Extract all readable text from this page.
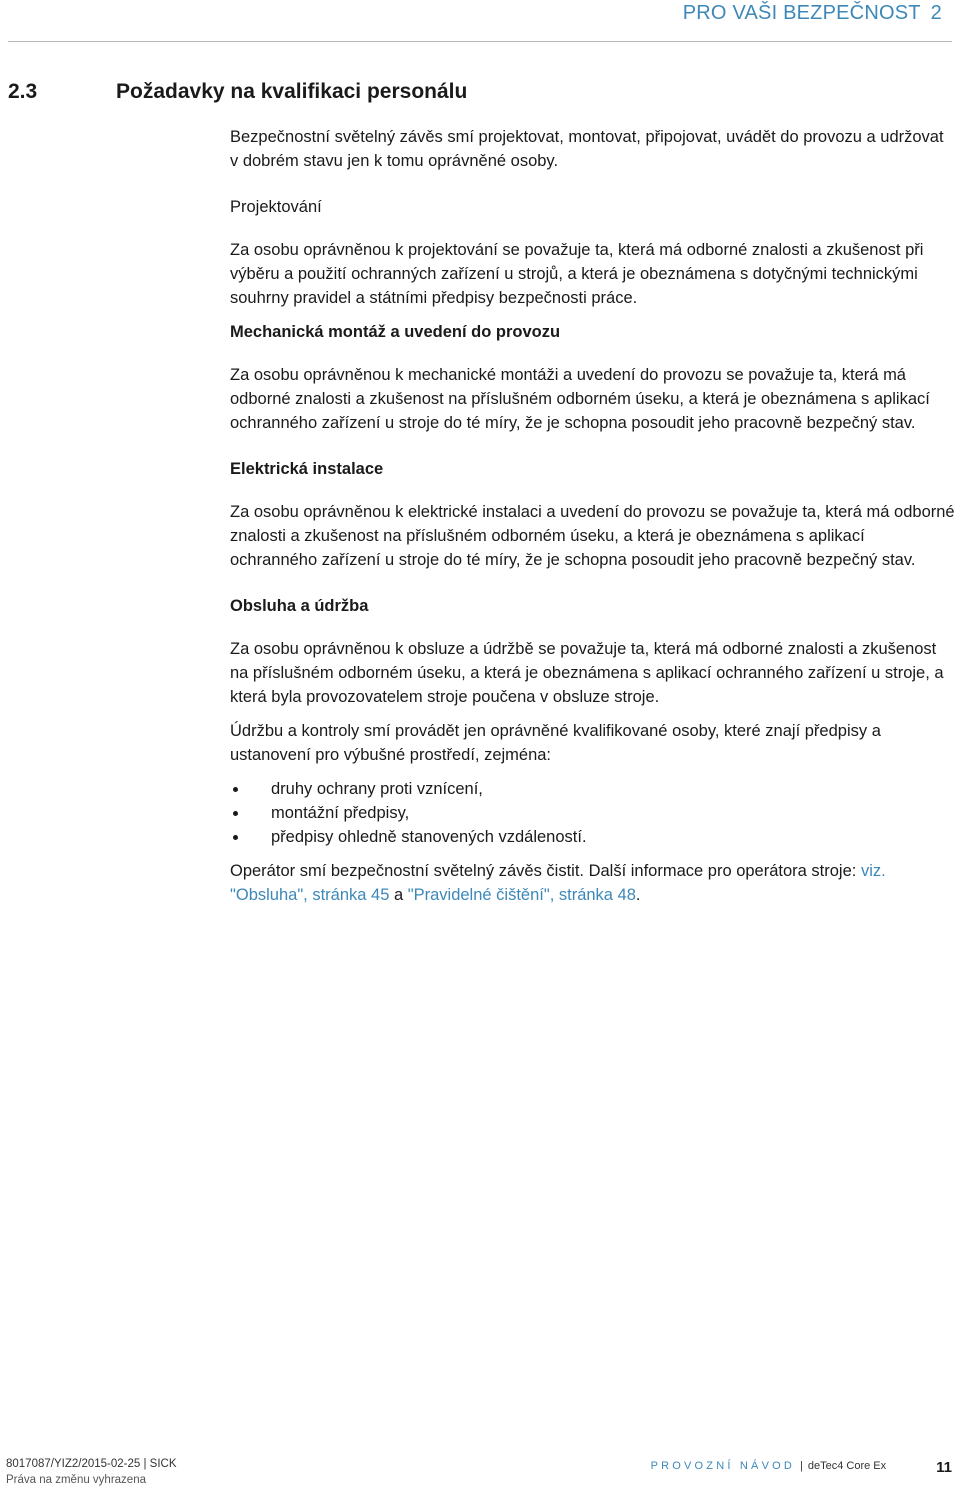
PRO VAŠI BEZPEČNOST 2
2.3	Požadavky na kvalifikaci personálu

Bezpečnostní světelný závěs smí projektovat, montovat, připojovat, uvádět do provozu a udržovat v dobrém stavu jen k tomu oprávněné osoby.

Projektování

Za osobu oprávněnou k projektování se považuje ta, která má odborné znalosti a zkušenost při výběru a použití ochranných zařízení u strojů, a která je obeznámena s dotyčnými technickými souhrny pravidel a státními předpisy bezpečnosti práce.

Mechanická montáž a uvedení do provozu

Za osobu oprávněnou k mechanické montáži a uvedení do provozu se považuje ta, která má odborné znalosti a zkušenost na příslušném odborném úseku, a která je obeznámena s aplikací ochranného zařízení u stroje do té míry, že je schopna posoudit jeho pracovně bezpečný stav.

Elektrická instalace

Za osobu oprávněnou k elektrické instalaci a uvedení do provozu se považuje ta, která má odborné znalosti a zkušenost na příslušném odborném úseku, a která je obeznámena s aplikací ochranného zařízení u stroje do té míry, že je schopna posoudit jeho pracovně bezpečný stav.

Obsluha a údržba

Za osobu oprávněnou k obsluze a údržbě se považuje ta, která má odborné znalosti a zkušenost na příslušném odborném úseku, a která je obeznámena s aplikací ochranného zařízení u stroje, a která byla provozovatelem stroje poučena v obsluze stroje.

Údržbu a kontroly smí provádět jen oprávněné kvalifikované osoby, které znají předpisy a ustanovení pro výbušné prostředí, zejména:

druhy ochrany proti vznícení,
montážní předpisy,
předpisy ohledně stanovených vzdáleností.

Operátor smí bezpečnostní světelný závěs čistit. Další informace pro operátora stroje: viz. "Obsluha", stránka 45 a "Pravidelné čištění", stránka 48.

8017087/YIZ2/2015-02-25 | SICK
Práva na změnu vyhrazena
PROVOZNÍ NÁVOD | deTec4 Core Ex	11
